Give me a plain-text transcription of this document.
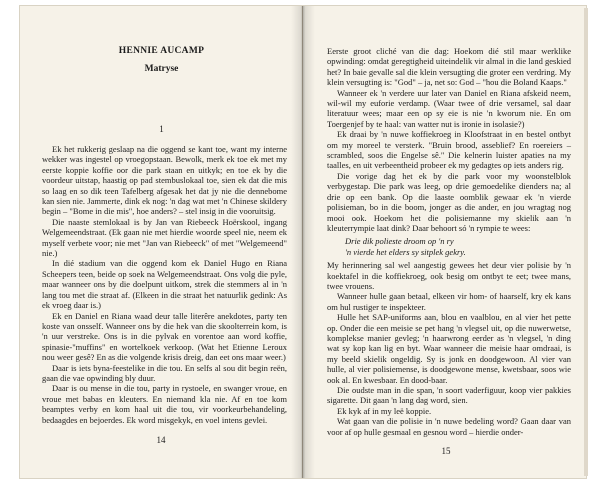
HENNIE AUCAMP
Matryse
1

Ek het rukkerig geslaap na die oggend se kant toe, want my interne wekker was ingestel op vroegopstaan. Bewolk, merk ek toe ek met my eerste koppie koffie oor die park staan en uitkyk; en toe ek by die voordeur uitstap, haastig op pad stembuslokaal toe, sien ek dat die mis so laag en so dik teen Tafelberg afgesak het dat jy nie die dennebome kan sien nie. Jammerte, dink ek nog: 'n dag wat met 'n Chinese skildery begin – "Bome in die mis", hoe anders? – stel insig in die vooruitsig.

Die naaste stemlokaal is by Jan van Riebeeck Hoërskool, ingang Welgemeendstraat. (Ek gaan nie met hierdie woorde speel nie, neem ek myself verbete voor; nie met "Jan van Riebeeck" of met "Welgemeend" nie.)

In dié stadium van die oggend kom ek Daniel Hugo en Riana Scheepers teen, beide op soek na Welgemeendstraat. Ons volg die pyle, maar wanneer ons by die doelpunt uitkom, strek die stemmers al in 'n lang tou met die straat af. (Elkeen in die straat het natuurlik gedink: As ek vroeg daar is.)

Ek en Daniel en Riana waad deur talle literêre anekdotes, party ten koste van onsself. Wanneer ons by die hek van die skoolterrein kom, is 'n uur verstreke. Ons is in die pylvak en vorentoe aan word koffie, spinasie-"muffins" en wortelkoek verkoop. (Wat het Etienne Leroux nou weer gesê? En as die volgende krisis dreig, dan eet ons maar weer.)

Daar is iets byna-feestelike in die tou. En selfs al sou dit begin reën, gaan die vae opwinding bly duur.

Daar is ou mense in die tou, party in rystoele, en swanger vroue, en vroue met babas en kleuters. En niemand kla nie. Af en toe kom beamptes verby en kom haal uit die tou, vir voorkeurbehandeling, bedaagdes en bejoerdes. Ek word misgekyk, en voel intens gevlei.

14

Eerste groot cliché van die dag: Hoekom dié stil maar werklike opwinding: omdat geregtigheid uiteindelik vir almal in die land geskied het? In baie gevalle sal die klein versugting die groter een verdring. My klein versugting is: "God" – ja, net so: God – "hou die Boland Kaaps."

Wanneer ek 'n verdere uur later van Daniel en Riana afskeid neem, wil-wil my euforie verdamp. (Waar twee of drie versamel, sal daar literatuur wees; maar een op sy eie is nie 'n kworum nie. En om Toergenjef by te haal: van watter nut is ironie in isolasie?)

Ek draai by 'n nuwe koffiekroeg in Kloofstraat in en bestel ontbyt om my moreel te versterk. "Bruin brood, asseblief? En roereiers – scrambled, soos die Engelse sê." Die kelnerin luister apaties na my taalles, en uit verbeentheid probeer ek my gedagtes op iets anders rig.

Die vorige dag het ek by die park voor my woonstelblok verbygestap. Die park was leeg, op drie gemoedelike dienders na; al drie op een bank. Op die laaste oomblik gewaar ek 'n vierde polisieman, bo in die boom, jonger as die ander, en jou wragtag nog mooi ook. Hoekom het die polisiemanne my skielik aan 'n kleuterrympie laat dink? Daar behoort só 'n rympie te wees:

Drie dik polieste droom op 'n ry
'n vierde het elders sy sitplek gekry.

My herinnering sal wel aangestig gewees het deur vier polisie by 'n koektafel in die koffiekroeg, ook besig om ontbyt te eet; twee mans, twee vrouens.

Wanneer hulle gaan betaal, elkeen vir hom- of haarself, kry ek kans om hul rustiger te inspekteer.

Hulle het SAP-uniforms aan, blou en vaalblou, en al vier het pette op. Onder die een meisie se pet hang 'n vlegsel uit, op die nuwerwetse, komplekse manier gevleg; 'n haarwrong eerder as 'n vlegsel, 'n ding wat sy kop kan lig en byt. Waar wanneer die meisie haar omdraai, is my beeld skielik ongeldig. Sy is jonk en doodgewoon. Al vier van hulle, al vier polisiemense, is doodgewone mense, kwetsbaar, soos wie ook al. En kwesbaar. En dood-baar.

Die oudste man in die span, 'n soort vaderfiguur, koop vier pakkies sigarette. Dit gaan 'n lang dag word, sien.

Ek kyk af in my leë koppie.

Wat gaan van die polisie in 'n nuwe bedeling word? Gaan daar van voor af op hulle gesmaal en gesnou word – hierdie onder-

15
